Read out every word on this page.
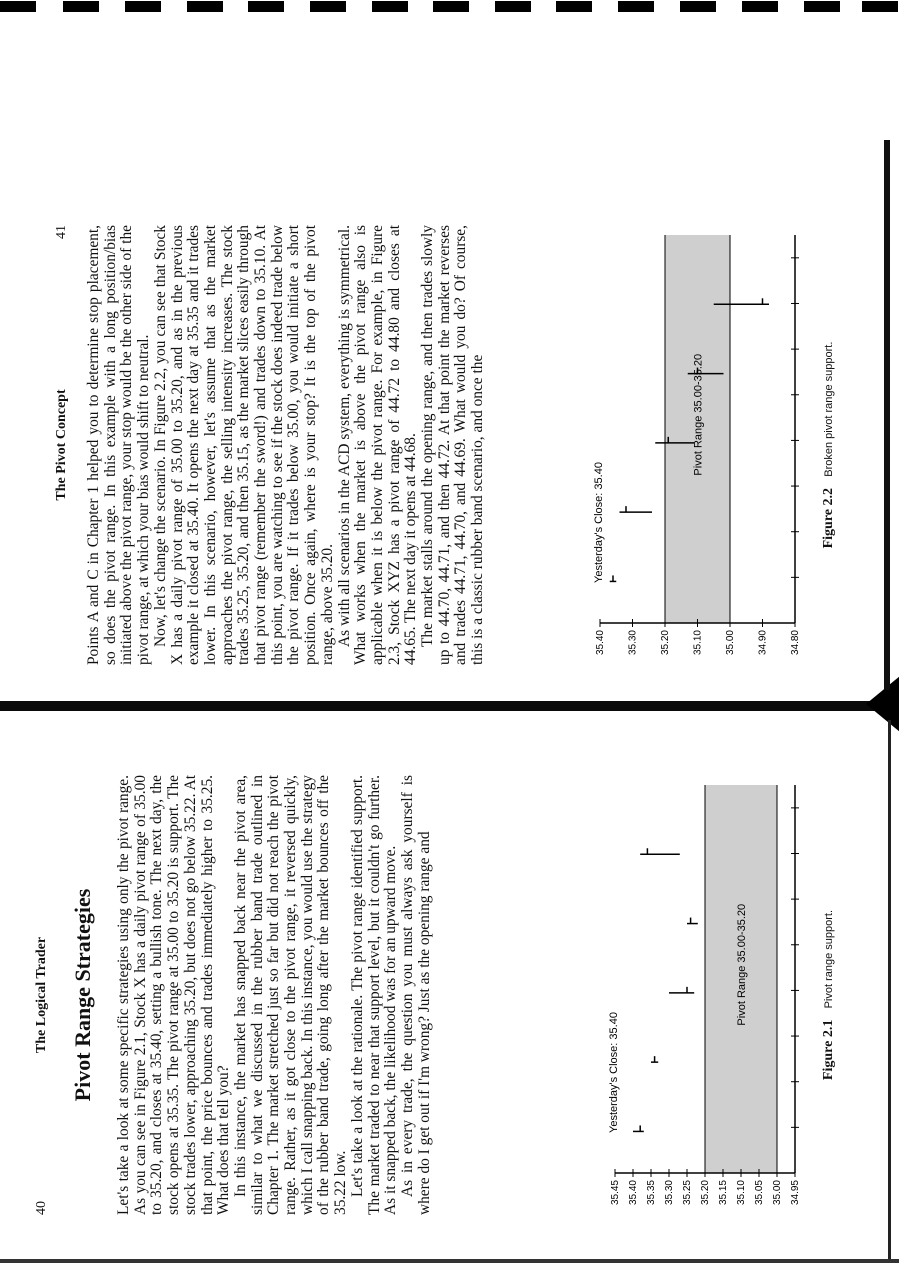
40
The Logical Trader Pivot Range Strategies Let's take a look at some specific strategies using only the pivot range. As you can see in Figure 2.1, Stock X has a daily pivot range of 35.00 to 35.20, and closes at 35.40, setting a bullish tone. The next day, the stock opens at 35.35. The pivot range at 35.00 to 35.20 is support. The stock trades lower, approaching 35.20, but does not go below 35.22. At that point, the price bounces and trades immediately higher to 35.25. What does that tell you? In this instance, the market has snapped back near the pivot area, similar to what we discussed in the rubber band trade outlined in Chapter 1. The market stretched just so far but did not reach the pivot range. Rather, as it got close to the pivot range, it reversed quickly, which I call snapping back. In this instance, you would use the strategy of the rubber band trade, going long after the market bounces off the 35.22 low. Let's take a look at the rationale. The pivot range identified support. The market traded to near that support level, but it couldn't go further. As it snapped back, the likelihood was for an upward move. As in every trade, the question you must always ask yourself is where do I get out if I'm wrong? Just as the opening range and	35.45 35.40 35.35 35.30 35.25 35.20 35.15 35.10 35.05 35.00 34.95
Yesterday's Close: 35.40
Pivot Range 35.00-35.20
Figure 2.1 Pivot range support.
The Pivot Concept
41 Points A and C in Chapter 1 helped you to determine stop placement, so does the pivot range. In this example with a long position/bias initiated above the pivot range, your stop would be the other side of the pivot range, at which your bias would shift to neutral. Now, let's change the scenario. In Figure 2.2, you can see that Stock X has a daily pivot range of 35.00 to 35.20, and as in the previous example it closed at 35.40. It opens the next day at 35.35 and it trades lower. In this scenario, however, let's assume that as the market approaches the pivot range, the selling intensity increases. The stock trades 35.25, 35.20, and then 35.15, as the market slices easily through that pivot range (remember the sword!) and trades down to 35.10. At this point, you are watching to see if the stock does indeed trade below the pivot range. If it trades below 35.00, you would initiate a short position. Once again, where is your stop? It is the top of the pivot range, above 35.20. As with all scenarios in the ACD system, everything is symmetrical. What works when the market is above the pivot range also is applicable when it is below the pivot range. For example, in Figure 2.3, Stock XYZ has a pivot range of 44.72 to 44.80 and closes at 44.65. The next day it opens at 44.68. The market stalls around the opening range, and then trades slowly up to 44.70, 44.71, and then 44.72. At that point the market reverses and trades 44.71, 44.70, and 44.69. What would you do? Of course, this is a classic rubber band scenario, and once the	35.40 35.30 35.20 35.10 35.00 34.90 34.80
Yesterday's Close: 35.40
Pivot Range 35.00-35.20
Figure 2.2 Broken pivot range support.
